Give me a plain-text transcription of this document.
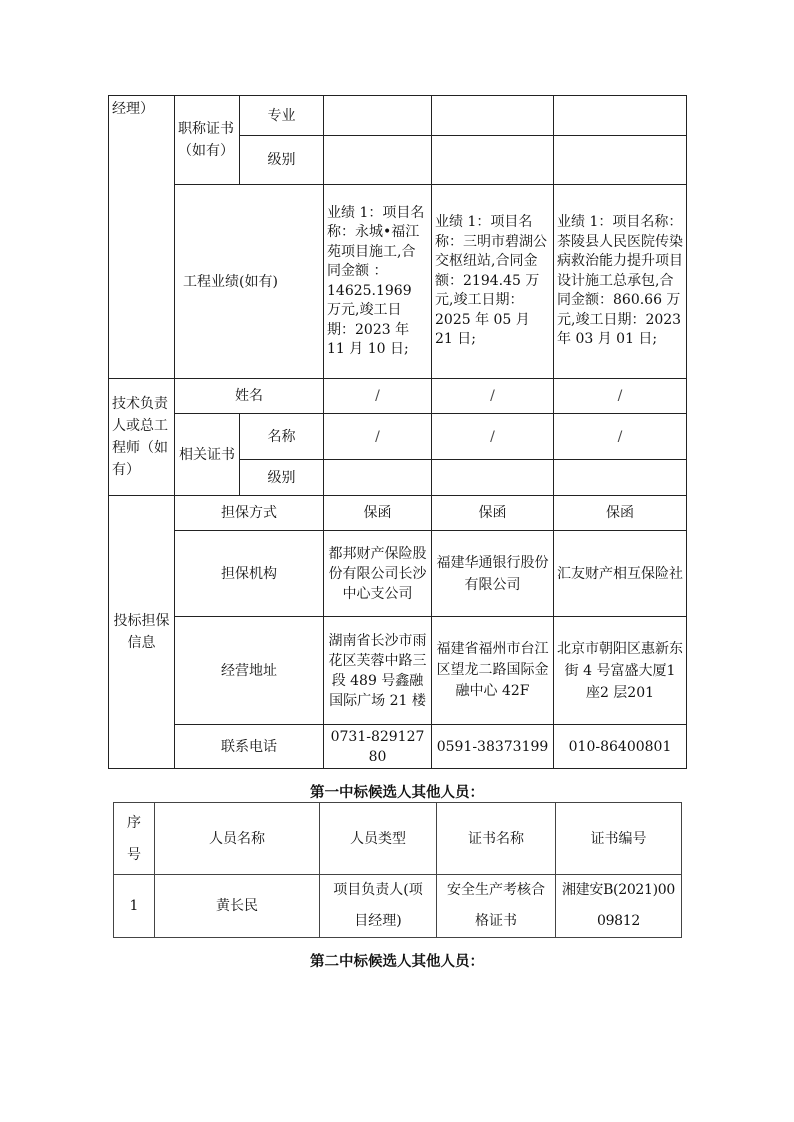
经理）	职称证书（如有）	专业			
		级别			
	工程业绩(如有)		业绩 1：项目名称：永城•福江苑项目施工,合同金额 ：14625.1969 万元,竣工日期：2023 年 11 月 10 日;	业绩 1：项目名称：三明市碧湖公交枢纽站,合同金额：2194.45 万元,竣工日期：2025 年 05 月 21 日;	业绩 1：项目名称：茶陵县人民医院传染病救治能力提升项目设计施工总承包,合同金额：860.66 万元,竣工日期：2023 年 03 月 01 日;
技术负责人或总工程师（如有）	姓名		/	/	/
	相关证书	名称	/	/	/
		级别			
投标担保信息	担保方式		保函	保函	保函
	担保机构		都邦财产保险股份有限公司长沙中心支公司	福建华通银行股份有限公司	汇友财产相互保险社
	经营地址		湖南省长沙市雨花区芙蓉中路三段 489 号鑫融国际广场 21 楼	福建省福州市台江区望龙二路国际金融中心 42F	北京市朝阳区惠新东街 4 号富盛大厦1 座2 层201
	联系电话		0731-82912780	0591-38373199	010-86400801
第一中标候选人其他人员：
序号	人员名称	人员类型	证书名称	证书编号
1	黄长民	项目负责人(项目经理)	安全生产考核合格证书	湘建安B(2021)0009812
第二中标候选人其他人员：
